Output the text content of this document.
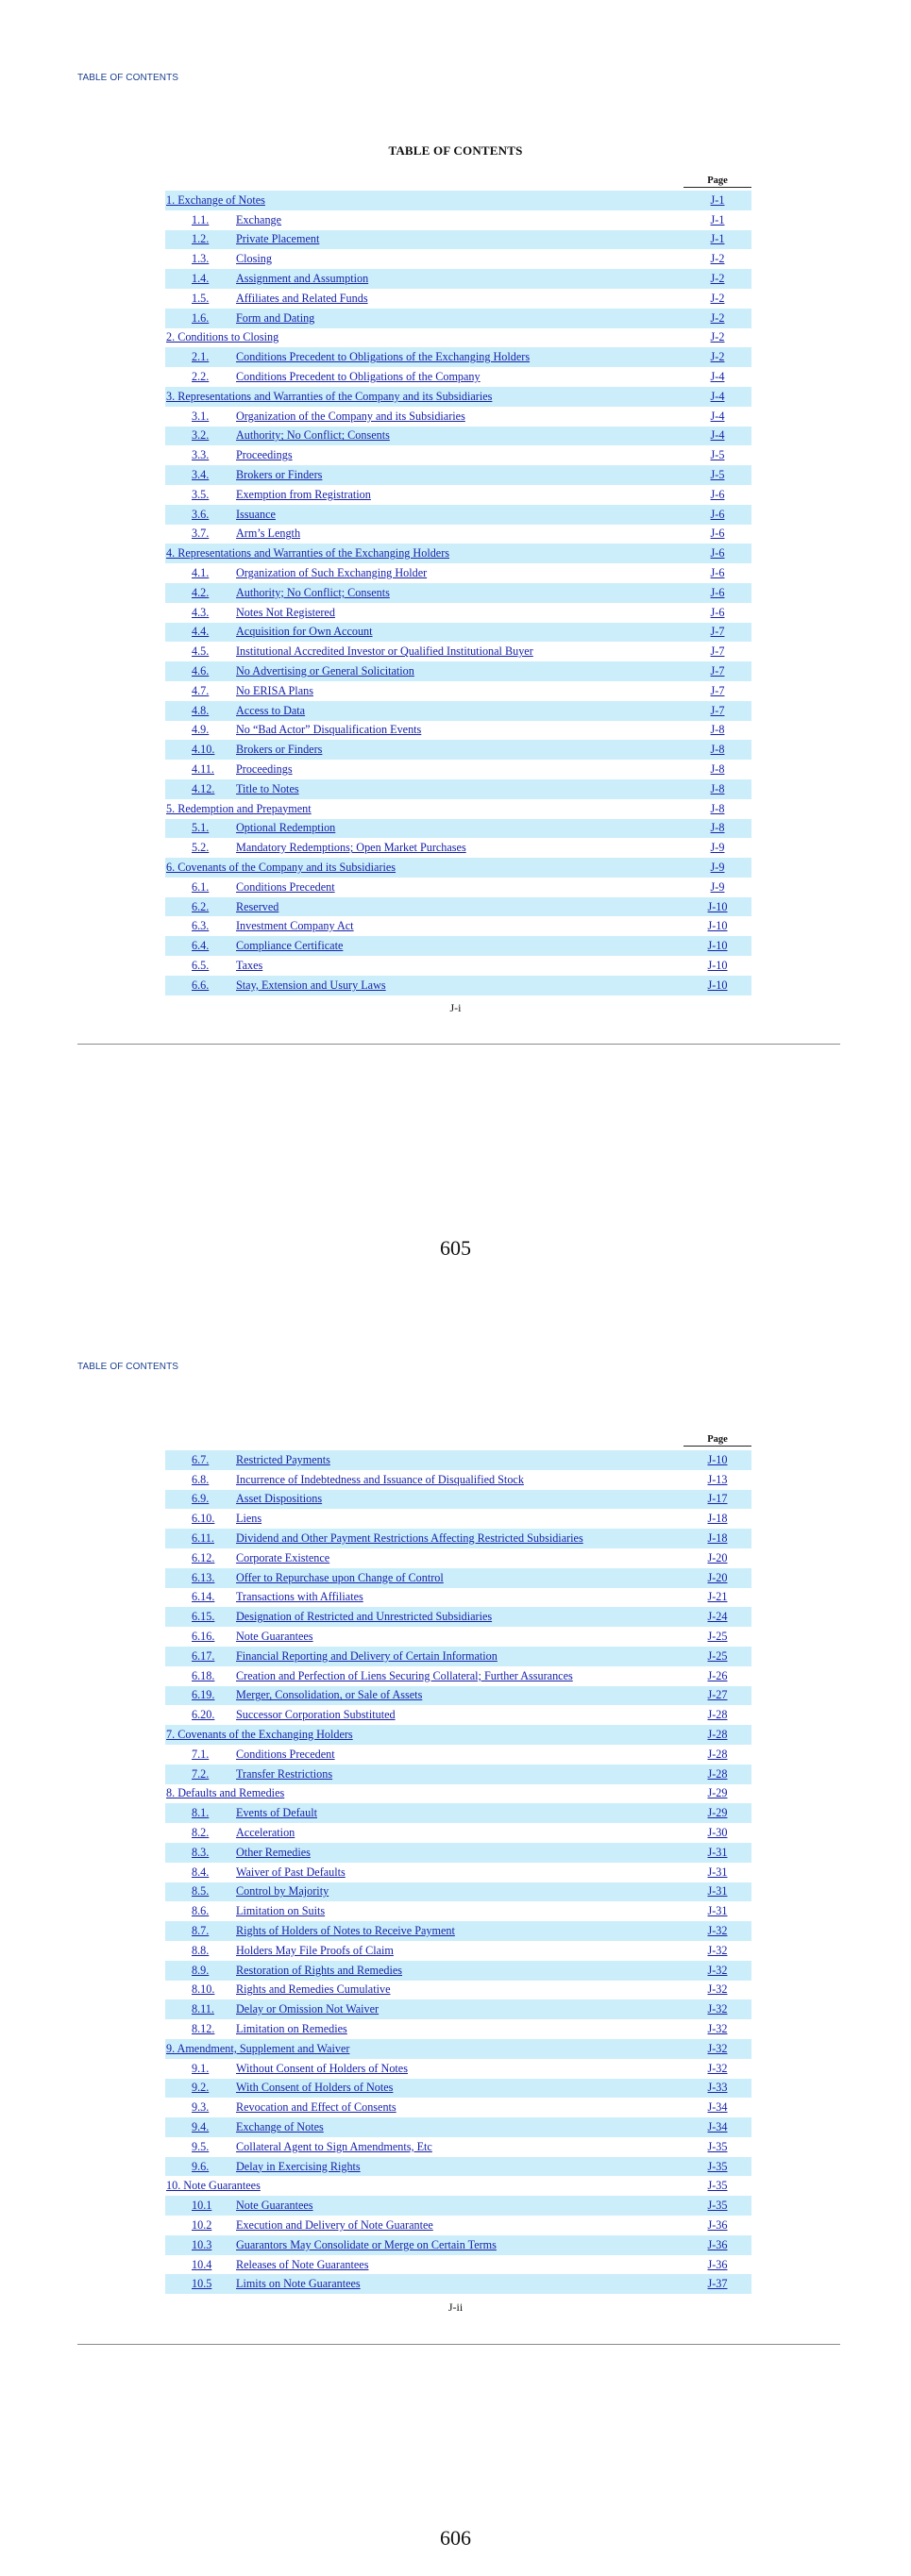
TABLE OF CONTENTS
TABLE OF CONTENTS
Page
1. Exchange of Notes	J-1
1.1.	Exchange	J-1
1.2.	Private Placement	J-1
1.3.	Closing	J-2
1.4.	Assignment and Assumption	J-2
1.5.	Affiliates and Related Funds	J-2
1.6.	Form and Dating	J-2
2. Conditions to Closing	J-2
2.1.	Conditions Precedent to Obligations of the Exchanging Holders	J-2
2.2.	Conditions Precedent to Obligations of the Company	J-4
3. Representations and Warranties of the Company and its Subsidiaries	J-4
3.1.	Organization of the Company and its Subsidiaries	J-4
3.2.	Authority; No Conflict; Consents	J-4
3.3.	Proceedings	J-5
3.4.	Brokers or Finders	J-5
3.5.	Exemption from Registration	J-6
3.6.	Issuance	J-6
3.7.	Arm’s Length	J-6
4. Representations and Warranties of the Exchanging Holders	J-6
4.1.	Organization of Such Exchanging Holder	J-6
4.2.	Authority; No Conflict; Consents	J-6
4.3.	Notes Not Registered	J-6
4.4.	Acquisition for Own Account	J-7
4.5.	Institutional Accredited Investor or Qualified Institutional Buyer	J-7
4.6.	No Advertising or General Solicitation	J-7
4.7.	No ERISA Plans	J-7
4.8.	Access to Data	J-7
4.9.	No “Bad Actor” Disqualification Events	J-8
4.10.	Brokers or Finders	J-8
4.11.	Proceedings	J-8
4.12.	Title to Notes	J-8
5. Redemption and Prepayment	J-8
5.1.	Optional Redemption	J-8
5.2.	Mandatory Redemptions; Open Market Purchases	J-9
6. Covenants of the Company and its Subsidiaries	J-9
6.1.	Conditions Precedent	J-9
6.2.	Reserved	J-10
6.3.	Investment Company Act	J-10
6.4.	Compliance Certificate	J-10
6.5.	Taxes	J-10
6.6.	Stay, Extension and Usury Laws	J-10
J-i
605
TABLE OF CONTENTS
Page
6.7.	Restricted Payments	J-10
6.8.	Incurrence of Indebtedness and Issuance of Disqualified Stock	J-13
6.9.	Asset Dispositions	J-17
6.10.	Liens	J-18
6.11.	Dividend and Other Payment Restrictions Affecting Restricted Subsidiaries	J-18
6.12.	Corporate Existence	J-20
6.13.	Offer to Repurchase upon Change of Control	J-20
6.14.	Transactions with Affiliates	J-21
6.15.	Designation of Restricted and Unrestricted Subsidiaries	J-24
6.16.	Note Guarantees	J-25
6.17.	Financial Reporting and Delivery of Certain Information	J-25
6.18.	Creation and Perfection of Liens Securing Collateral; Further Assurances	J-26
6.19.	Merger, Consolidation, or Sale of Assets	J-27
6.20.	Successor Corporation Substituted	J-28
7. Covenants of the Exchanging Holders	J-28
7.1.	Conditions Precedent	J-28
7.2.	Transfer Restrictions	J-28
8. Defaults and Remedies	J-29
8.1.	Events of Default	J-29
8.2.	Acceleration	J-30
8.3.	Other Remedies	J-31
8.4.	Waiver of Past Defaults	J-31
8.5.	Control by Majority	J-31
8.6.	Limitation on Suits	J-31
8.7.	Rights of Holders of Notes to Receive Payment	J-32
8.8.	Holders May File Proofs of Claim	J-32
8.9.	Restoration of Rights and Remedies	J-32
8.10.	Rights and Remedies Cumulative	J-32
8.11.	Delay or Omission Not Waiver	J-32
8.12.	Limitation on Remedies	J-32
9. Amendment, Supplement and Waiver	J-32
9.1.	Without Consent of Holders of Notes	J-32
9.2.	With Consent of Holders of Notes	J-33
9.3.	Revocation and Effect of Consents	J-34
9.4.	Exchange of Notes	J-34
9.5.	Collateral Agent to Sign Amendments, Etc	J-35
9.6.	Delay in Exercising Rights	J-35
10. Note Guarantees	J-35
10.1	Note Guarantees	J-35
10.2	Execution and Delivery of Note Guarantee	J-36
10.3	Guarantors May Consolidate or Merge on Certain Terms	J-36
10.4	Releases of Note Guarantees	J-36
10.5	Limits on Note Guarantees	J-37
J-ii
606
